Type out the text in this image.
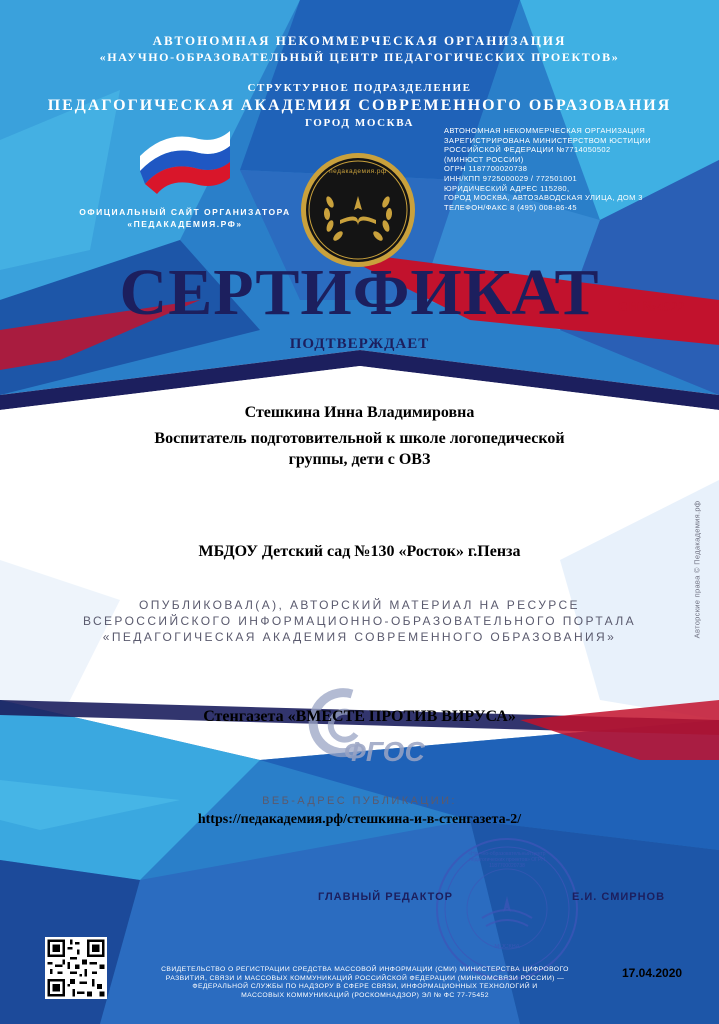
АВТОНОМНАЯ НЕКОММЕРЧЕСКАЯ ОРГАНИЗАЦИЯ
«НАУЧНО-ОБРАЗОВАТЕЛЬНЫЙ ЦЕНТР ПЕДАГОГИЧЕСКИХ ПРОЕКТОВ»
СТРУКТУРНОЕ ПОДРАЗДЕЛЕНИЕ
ПЕДАГОГИЧЕСКАЯ АКАДЕМИЯ СОВРЕМЕННОГО ОБРАЗОВАНИЯ
ГОРОД МОСКВА
ОФИЦИАЛЬНЫЙ САЙТ ОРГАНИЗАТОРА
«ПЕДАКАДЕМИЯ.РФ»
АВТОНОМНАЯ НЕКОММЕРЧЕСКАЯ ОРГАНИЗАЦИЯ
ЗАРЕГИСТРИРОВАНА МИНИСТЕРСТВОМ ЮСТИЦИИ
РОССИЙСКОЙ ФЕДЕРАЦИИ №7714050502
(МИНЮСТ РОССИИ)
ОГРН 1187700020738
ИНН/КПП 9725000029 / 772501001
ЮРИДИЧЕСКИЙ АДРЕС 115280,
ГОРОД МОСКВА, АВТОЗАВОДСКАЯ УЛИЦА, ДОМ 3
ТЕЛЕФОН/ФАКС 8 (495) 008-86-45
педакадемия.рф
СЕРТИФИКАТ	СН №4922
ПОДТВЕРЖДАЕТ
Стешкина Инна Владимировна
Воспитатель подготовительной к школе логопедической
группы, дети с ОВЗ
МБДОУ Детский сад №130 «Росток» г.Пенза
ОПУБЛИКОВАЛ(А), АВТОРСКИЙ МАТЕРИАЛ НА РЕСУРСЕ
ВСЕРОССИЙСКОГО ИНФОРМАЦИОННО-ОБРАЗОВАТЕЛЬНОГО ПОРТАЛА
«ПЕДАГОГИЧЕСКАЯ АКАДЕМИЯ СОВРЕМЕННОГО ОБРАЗОВАНИЯ»
ФГОС
Стенгазета «ВМЕСТЕ ПРОТИВ ВИРУСА»
ВЕБ-АДРЕС ПУБЛИКАЦИИ:
https://педакадемия.рф/стешкина-и-в-стенгазета-2/
«Научно-образовательный центр педагогических проектов» ОГРН 1187700020738
МОСКВА
ГЛАВНЫЙ РЕДАКТОР	Е.И. СМИРНОВ
СВИДЕТЕЛЬСТВО О РЕГИСТРАЦИИ СРЕДСТВА МАССОВОЙ ИНФОРМАЦИИ (СМИ) МИНИСТЕРСТВА ЦИФРОВОГО
РАЗВИТИЯ, СВЯЗИ И МАССОВЫХ КОММУНИКАЦИЙ РОССИЙСКОЙ ФЕДЕРАЦИИ (МИНКОМСВЯЗИ РОССИИ) —
ФЕДЕРАЛЬНОЙ СЛУЖБЫ ПО НАДЗОРУ В СФЕРЕ СВЯЗИ, ИНФОРМАЦИОННЫХ ТЕХНОЛОГИЙ И
МАССОВЫХ КОММУНИКАЦИЙ (РОСКОМНАДЗОР) ЭЛ № ФС 77-75452
17.04.2020
Авторские права © Педакадемия.рф
